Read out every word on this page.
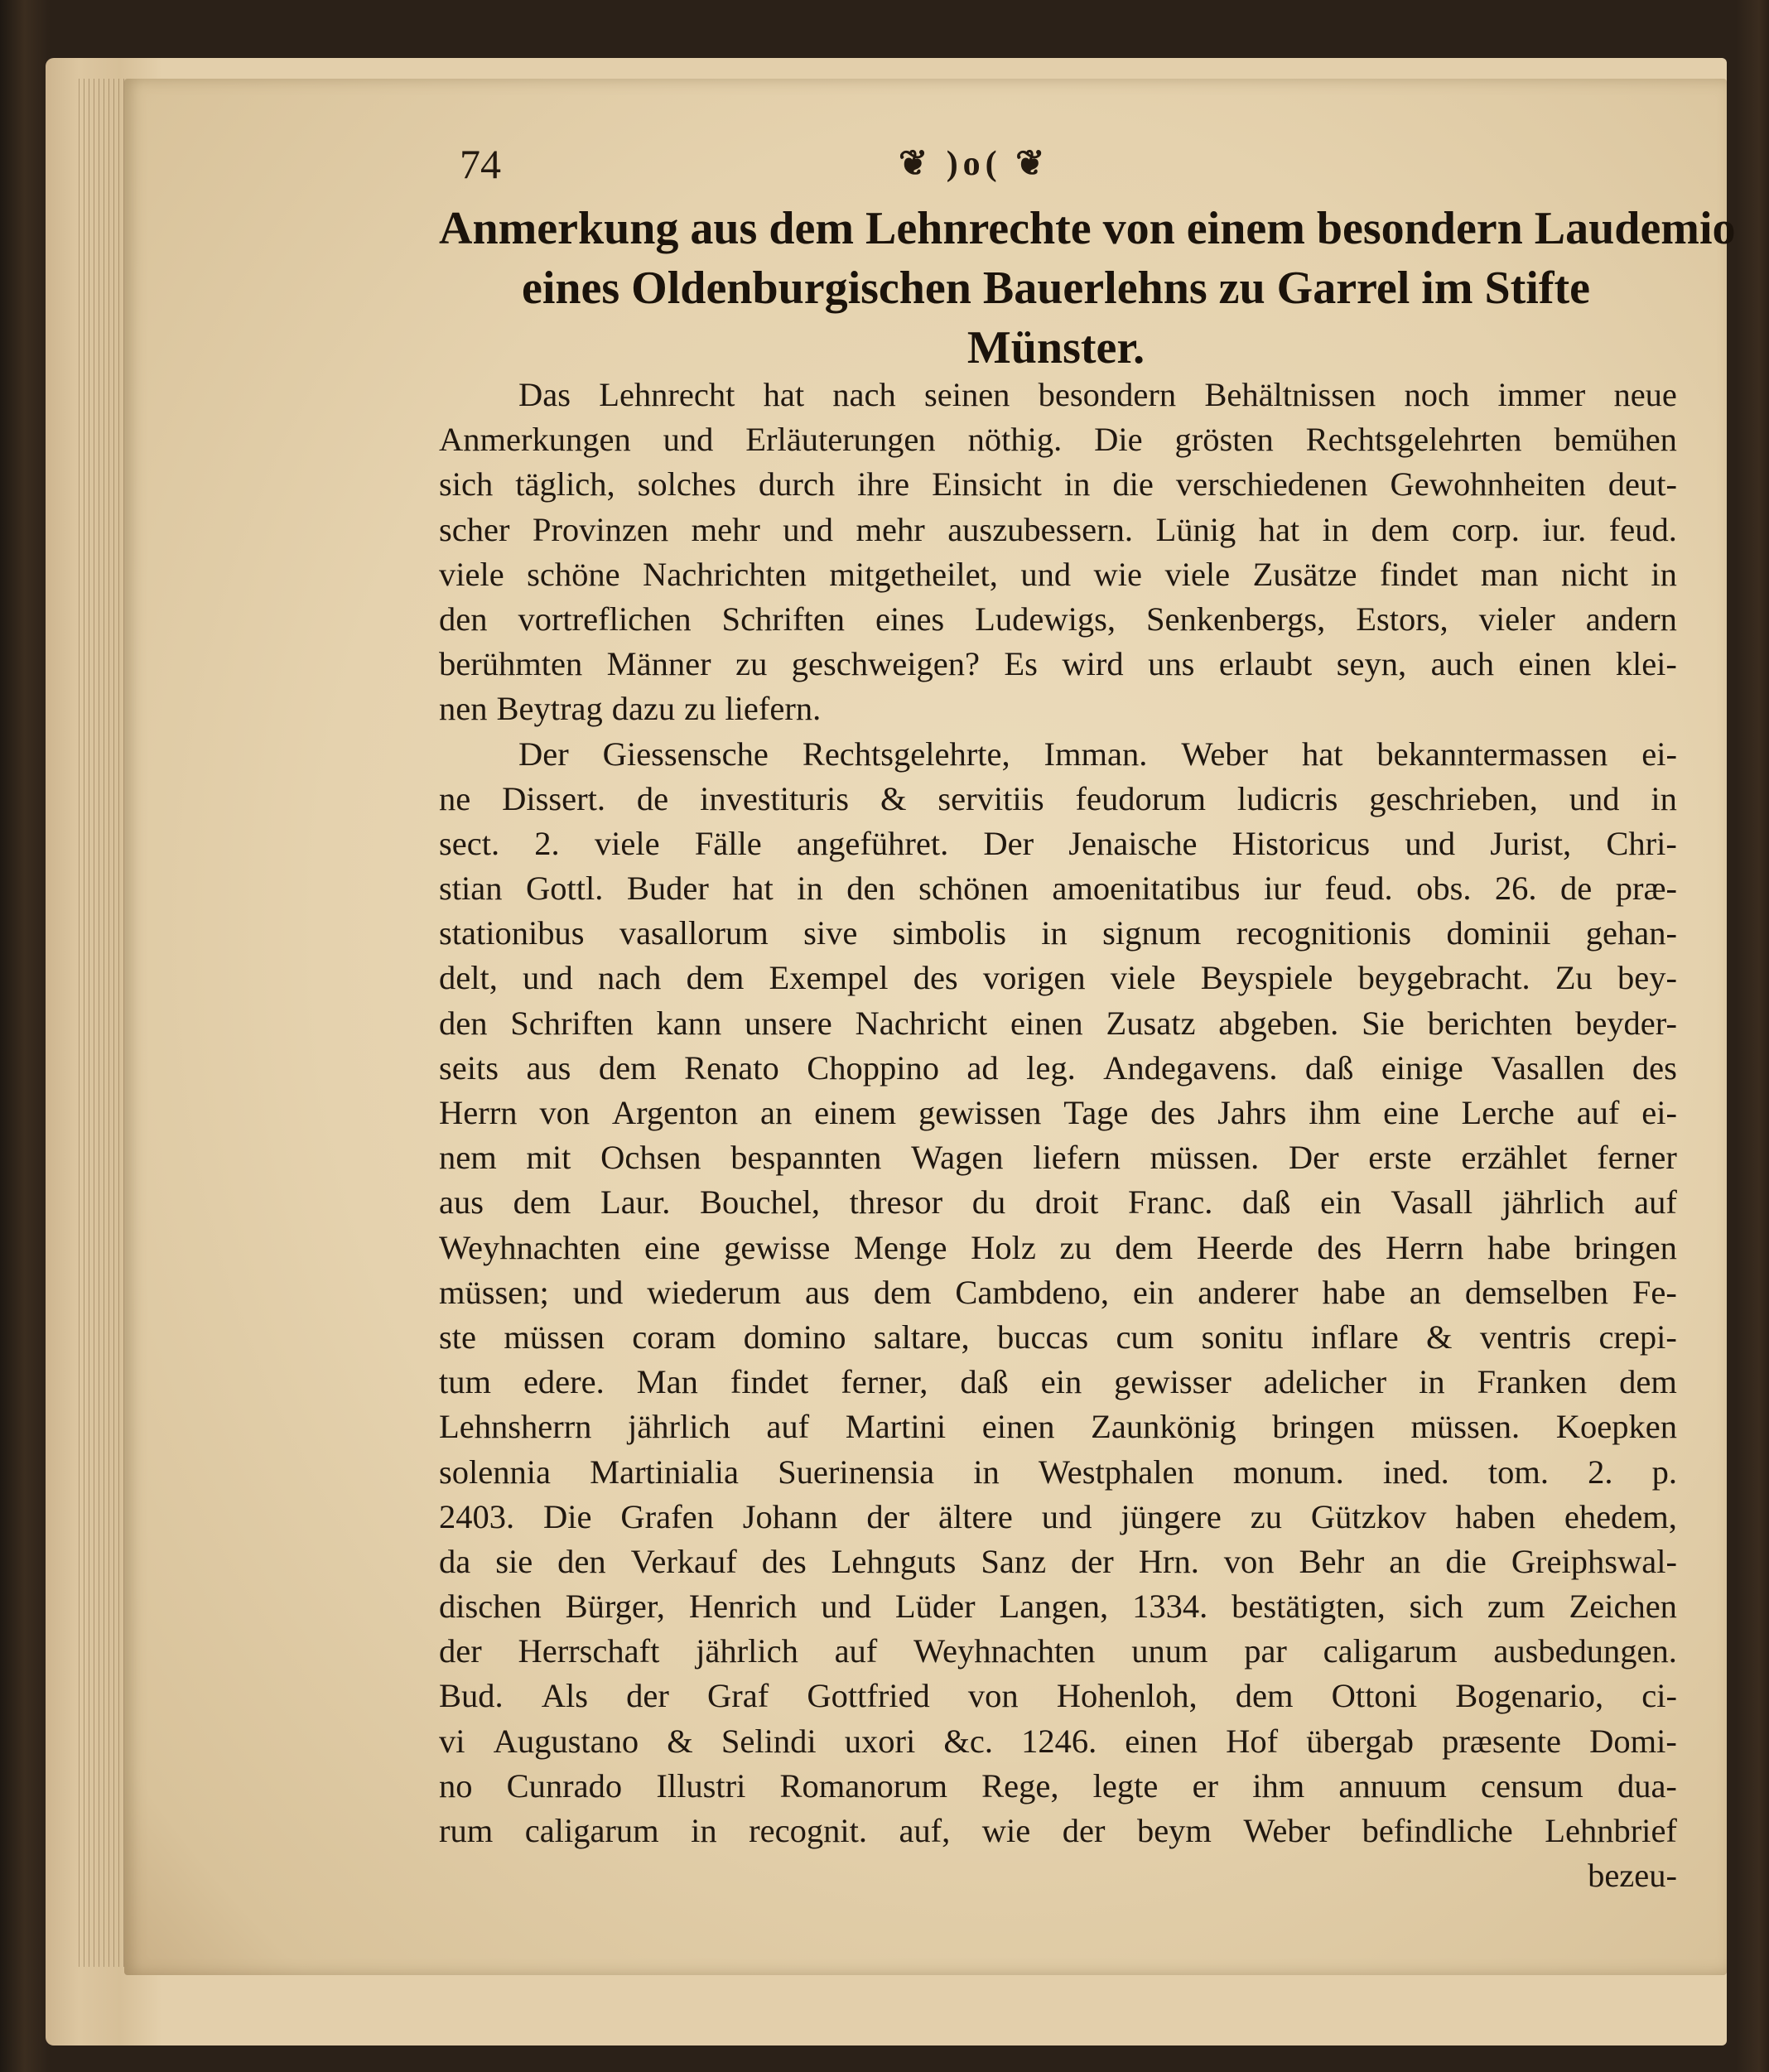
74	❦ )o( ❦
Anmerkung aus dem Lehnrechte von einem besondern Laudemio
eines Oldenburgischen Bauerlehns zu Garrel im Stifte
Münster.
Das Lehnrecht hat nach seinen besondern Behältnissen noch immer neue
Anmerkungen und Erläuterungen nöthig. Die grösten Rechtsgelehrten bemühen
sich täglich, solches durch ihre Einsicht in die verschiedenen Gewohnheiten deut-
scher Provinzen mehr und mehr auszubessern. Lünig hat in dem corp. iur. feud.
viele schöne Nachrichten mitgetheilet, und wie viele Zusätze findet man nicht in
den vortreflichen Schriften eines Ludewigs, Senkenbergs, Estors, vieler andern
berühmten Männer zu geschweigen? Es wird uns erlaubt seyn, auch einen klei-
nen Beytrag dazu zu liefern.
Der Giessensche Rechtsgelehrte, Imman. Weber hat bekanntermassen ei-
ne Dissert. de investituris & servitiis feudorum ludicris geschrieben, und in
sect. 2. viele Fälle angeführet. Der Jenaische Historicus und Jurist, Chri-
stian Gottl. Buder hat in den schönen amoenitatibus iur feud. obs. 26. de præ-
stationibus vasallorum sive simbolis in signum recognitionis dominii gehan-
delt, und nach dem Exempel des vorigen viele Beyspiele beygebracht. Zu bey-
den Schriften kann unsere Nachricht einen Zusatz abgeben. Sie berichten beyder-
seits aus dem Renato Choppino ad leg. Andegavens. daß einige Vasallen des
Herrn von Argenton an einem gewissen Tage des Jahrs ihm eine Lerche auf ei-
nem mit Ochsen bespannten Wagen liefern müssen. Der erste erzählet ferner
aus dem Laur. Bouchel, thresor du droit Franc. daß ein Vasall jährlich auf
Weyhnachten eine gewisse Menge Holz zu dem Heerde des Herrn habe bringen
müssen; und wiederum aus dem Cambdeno, ein anderer habe an demselben Fe-
ste müssen coram domino saltare, buccas cum sonitu inflare & ventris crepi-
tum edere. Man findet ferner, daß ein gewisser adelicher in Franken dem
Lehnsherrn jährlich auf Martini einen Zaunkönig bringen müssen. Koepken
solennia Martinialia Suerinensia in Westphalen monum. ined. tom. 2. p.
2403. Die Grafen Johann der ältere und jüngere zu Gützkov haben ehedem,
da sie den Verkauf des Lehnguts Sanz der Hrn. von Behr an die Greiphswal-
dischen Bürger, Henrich und Lüder Langen, 1334. bestätigten, sich zum Zeichen
der Herrschaft jährlich auf Weyhnachten unum par caligarum ausbedungen.
Bud. Als der Graf Gottfried von Hohenloh, dem Ottoni Bogenario, ci-
vi Augustano & Selindi uxori &c. 1246. einen Hof übergab præsente Domi-
no Cunrado Illustri Romanorum Rege, legte er ihm annuum censum dua-
rum caligarum in recognit. auf, wie der beym Weber befindliche Lehnbrief
bezeu-
